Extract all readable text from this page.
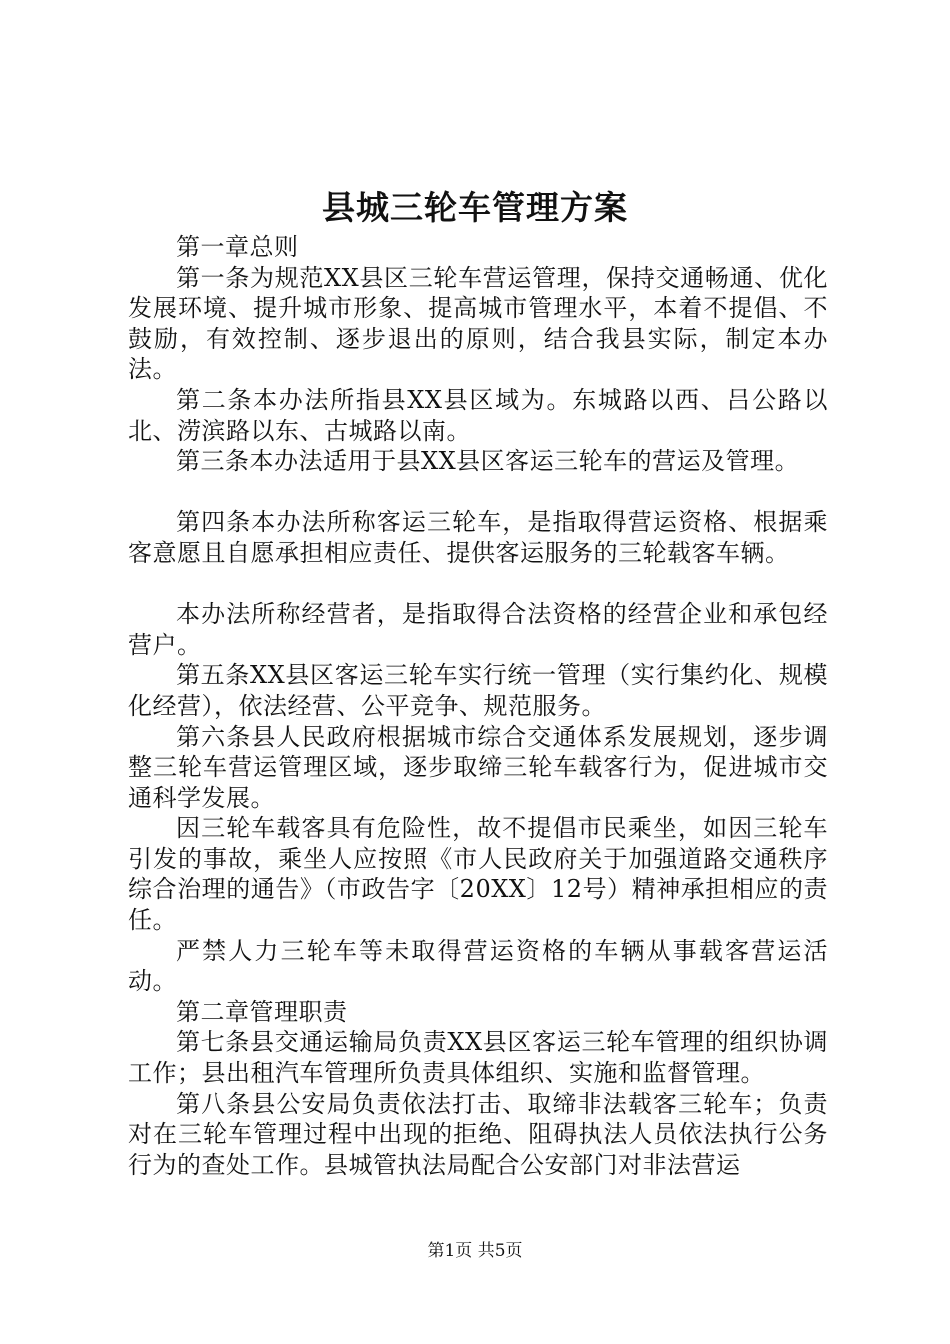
县城三轮车管理方案

第一章总则

第一条为规范XX县区三轮车营运管理，保持交通畅通、优化发展环境、提升城市形象、提高城市管理水平，本着不提倡、不鼓励，有效控制、逐步退出的原则，结合我县实际，制定本办法。

第二条本办法所指县XX县区域为。东城路以西、吕公路以北、涝滨路以东、古城路以南。

第三条本办法适用于县XX县区客运三轮车的营运及管理。

第四条本办法所称客运三轮车，是指取得营运资格、根据乘客意愿且自愿承担相应责任、提供客运服务的三轮载客车辆。

本办法所称经营者，是指取得合法资格的经营企业和承包经营户。

第五条XX县区客运三轮车实行统一管理（实行集约化、规模化经营），依法经营、公平竞争、规范服务。

第六条县人民政府根据城市综合交通体系发展规划，逐步调整三轮车营运管理区域，逐步取缔三轮车载客行为，促进城市交通科学发展。

因三轮车载客具有危险性，故不提倡市民乘坐，如因三轮车引发的事故，乘坐人应按照《市人民政府关于加强道路交通秩序综合治理的通告》（市政告字〔20XX〕12号）精神承担相应的责任。

严禁人力三轮车等未取得营运资格的车辆从事载客营运活动。

第二章管理职责

第七条县交通运输局负责XX县区客运三轮车管理的组织协调工作；县出租汽车管理所负责具体组织、实施和监督管理。

第八条县公安局负责依法打击、取缔非法载客三轮车；负责对在三轮车管理过程中出现的拒绝、阻碍执法人员依法执行公务行为的查处工作。县城管执法局配合公安部门对非法营运

第1页 共5页
